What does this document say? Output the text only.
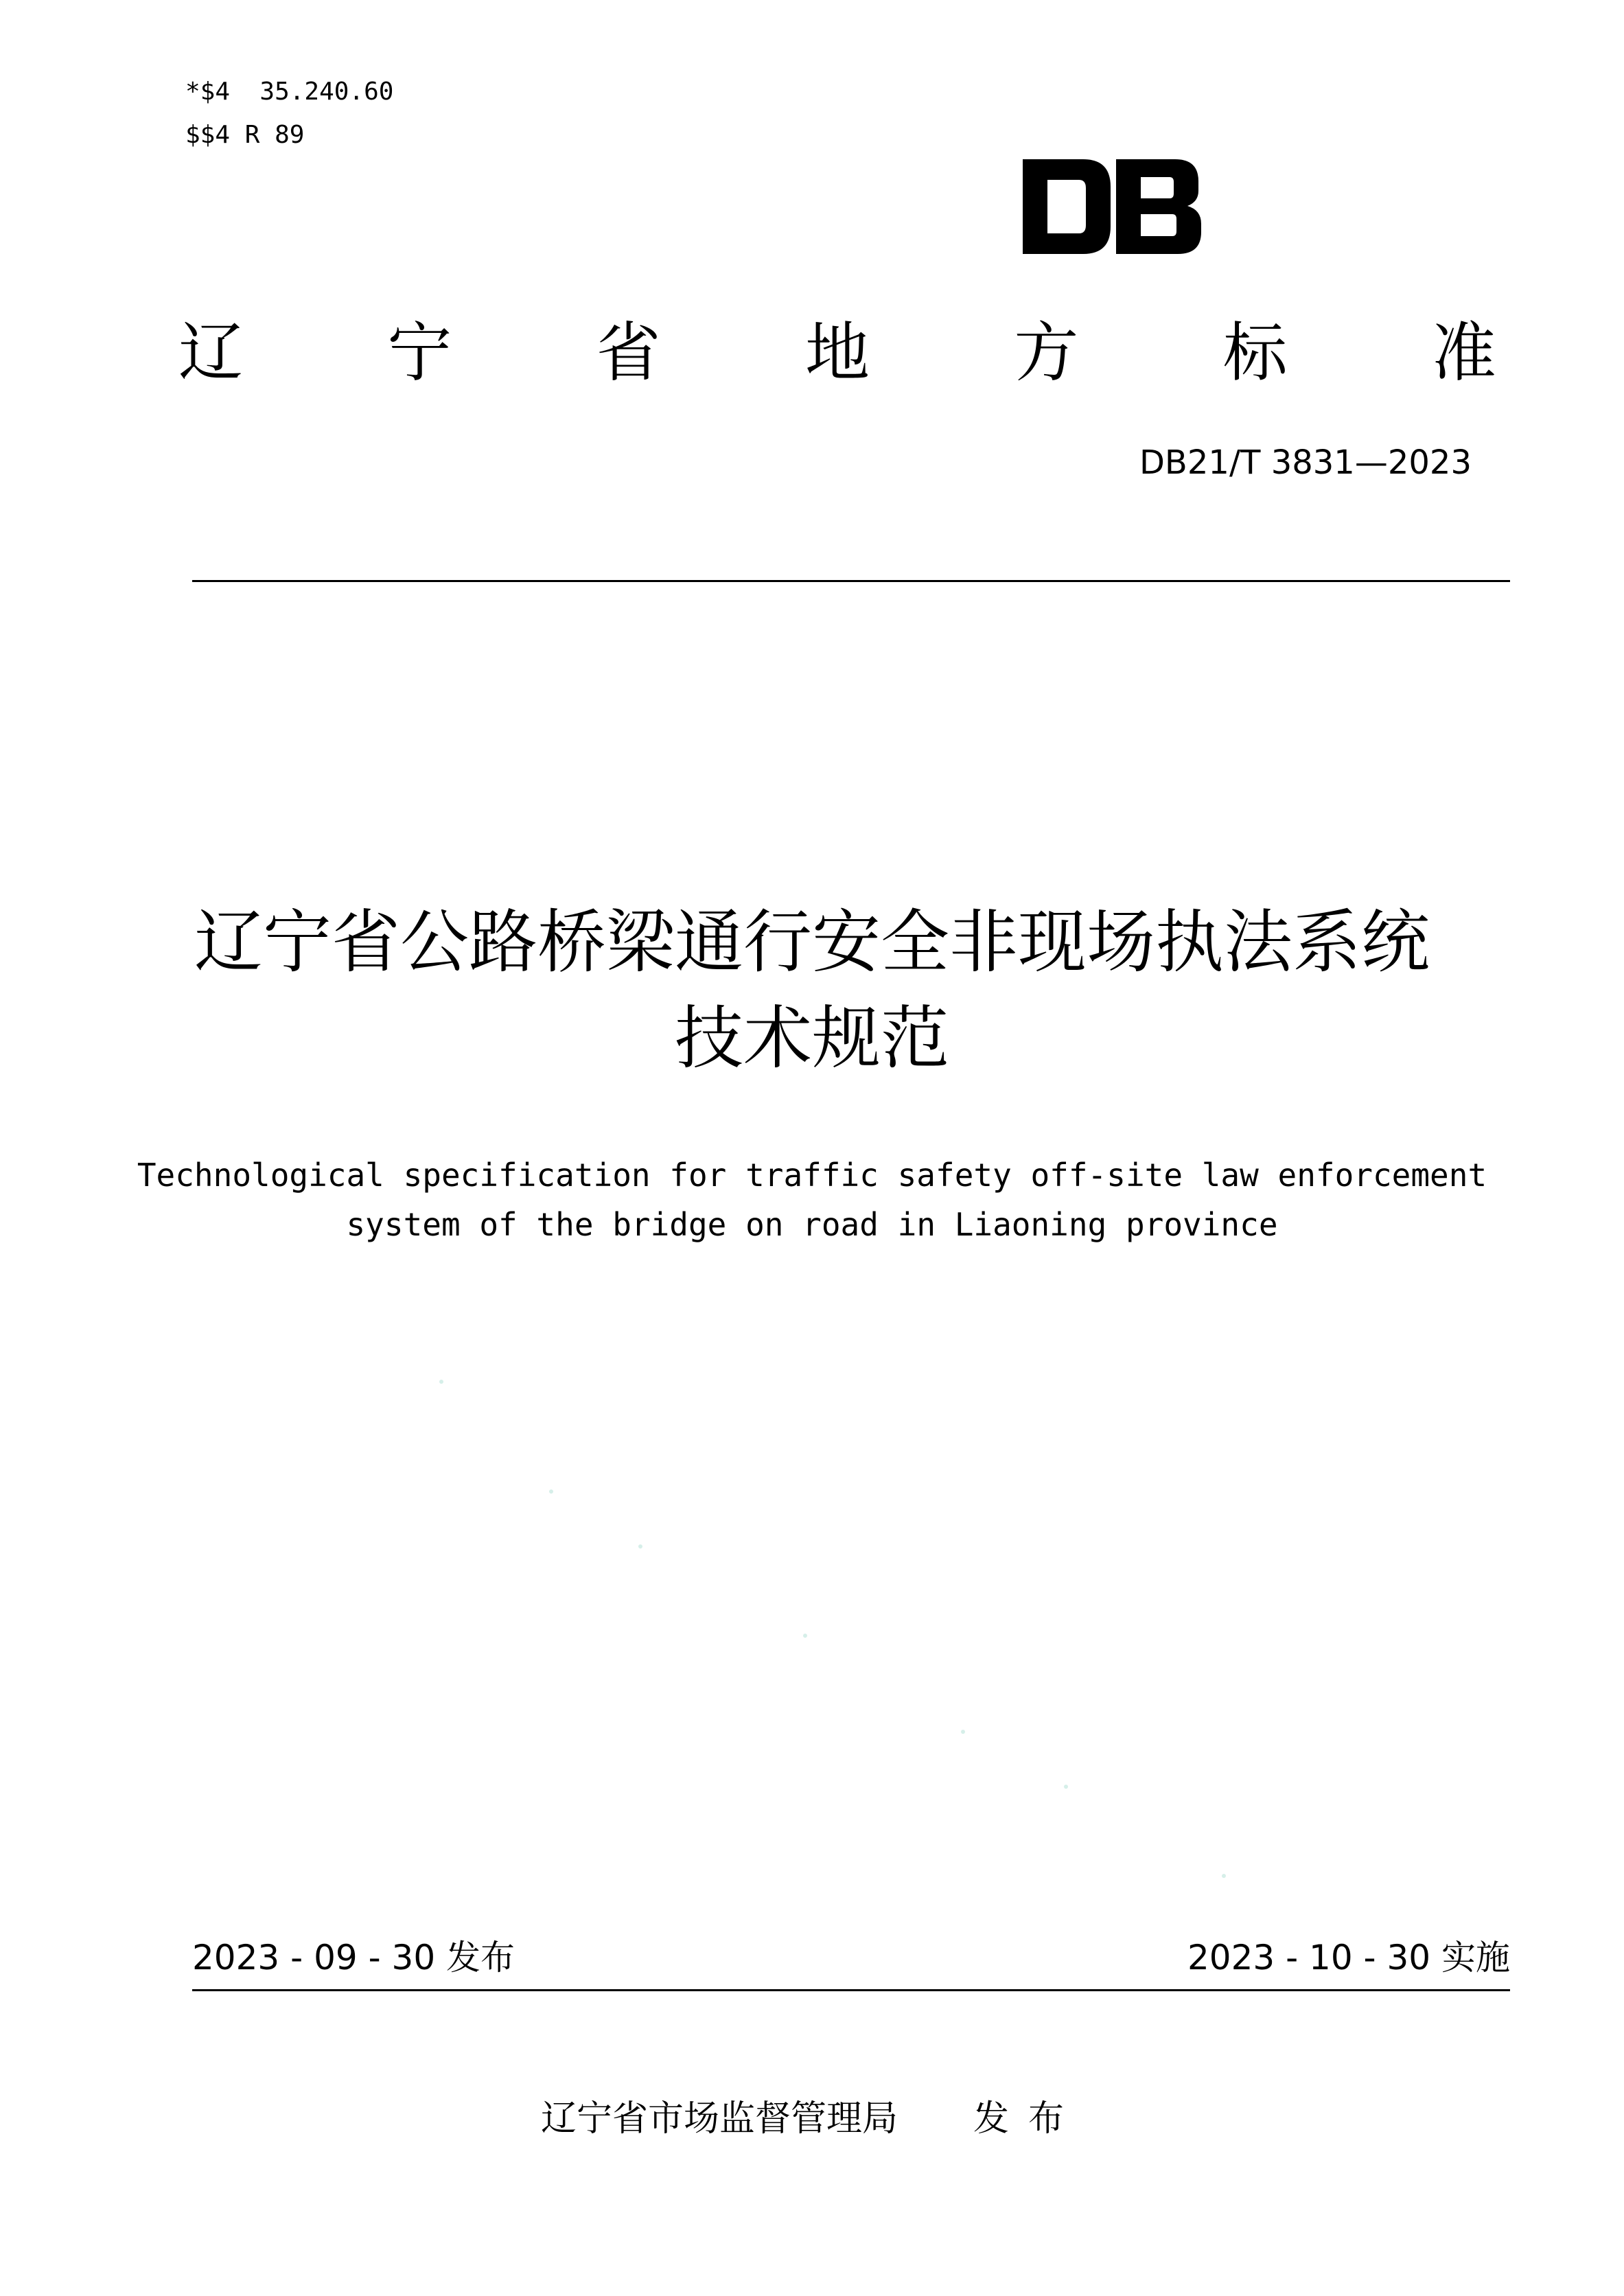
*$4 35.240.60
$$4 R 89
辽 宁 省 地 方 标 准
DB21/T 3831—2023
辽宁省公路桥梁通行安全非现场执法系统
技术规范
Technological specification for traffic safety off-site law enforcement
system of the bridge on road in Liaoning province
2023 - 09 - 30 发布	2023 - 10 - 30 实施
辽宁省市场监督管理局 发布
